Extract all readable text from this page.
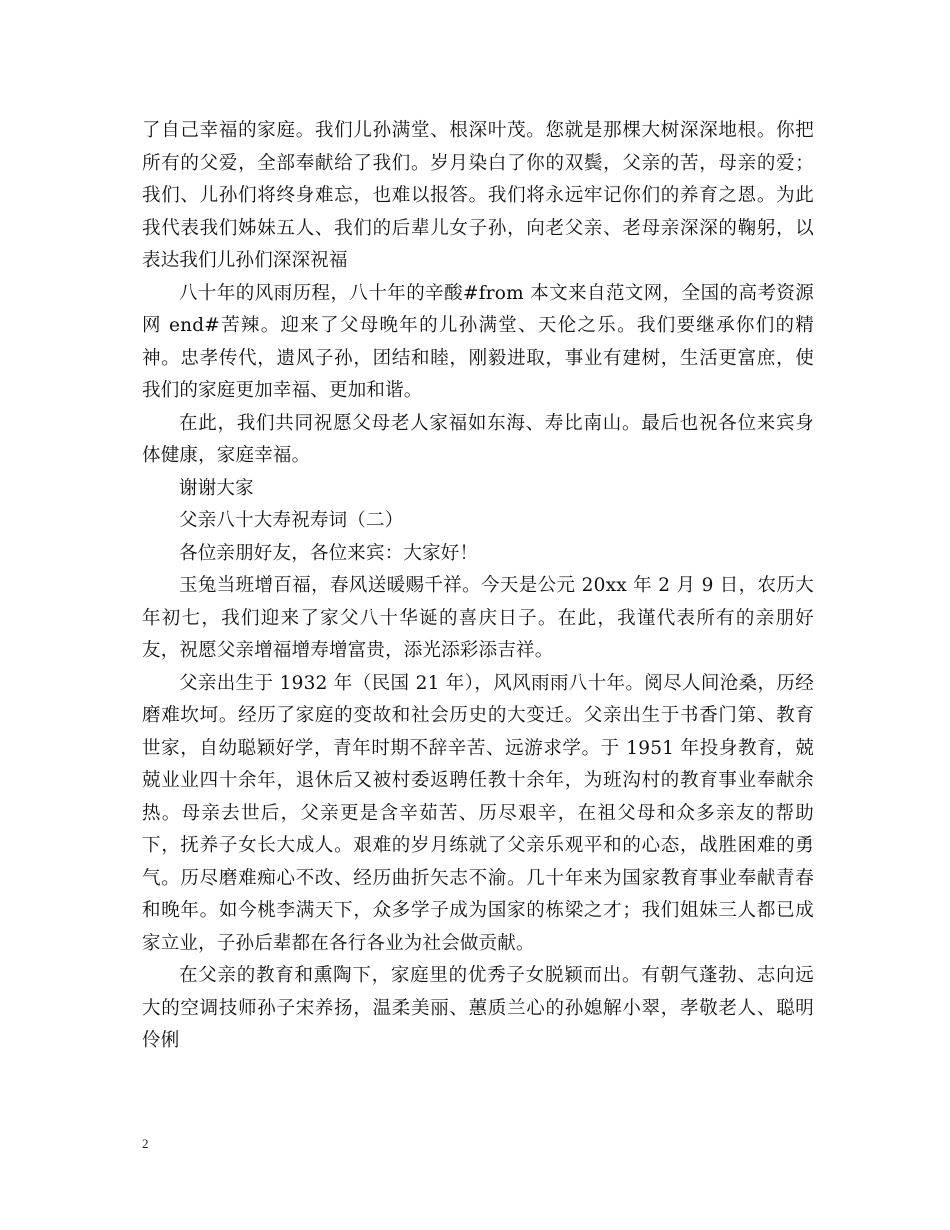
了自己幸福的家庭。我们儿孙满堂、根深叶茂。您就是那棵大树深深地根。你把所有的父爱，全部奉献给了我们。岁月染白了你的双鬓，父亲的苦，母亲的爱；我们、儿孙们将终身难忘，也难以报答。我们将永远牢记你们的养育之恩。为此我代表我们姊妹五人、我们的后辈儿女子孙，向老父亲、老母亲深深的鞠躬，以表达我们儿孙们深深祝福

八十年的风雨历程，八十年的辛酸#from 本文来自范文网，全国的高考资源网 end#苦辣。迎来了父母晚年的儿孙满堂、天伦之乐。我们要继承你们的精神。忠孝传代，遗风子孙，团结和睦，刚毅进取，事业有建树，生活更富庶，使我们的家庭更加幸福、更加和谐。

在此，我们共同祝愿父母老人家福如东海、寿比南山。最后也祝各位来宾身体健康，家庭幸福。

谢谢大家

父亲八十大寿祝寿词（二）

各位亲朋好友，各位来宾：大家好！

玉兔当班增百福，春风送暖赐千祥。今天是公元 20xx 年 2 月 9 日，农历大年初七，我们迎来了家父八十华诞的喜庆日子。在此，我谨代表所有的亲朋好友，祝愿父亲增福增寿增富贵，添光添彩添吉祥。

父亲出生于 1932 年（民国 21 年），风风雨雨八十年。阅尽人间沧桑，历经磨难坎坷。经历了家庭的变故和社会历史的大变迁。父亲出生于书香门第、教育世家，自幼聪颖好学，青年时期不辞辛苦、远游求学。于 1951 年投身教育，兢兢业业四十余年，退休后又被村委返聘任教十余年，为班沟村的教育事业奉献余热。母亲去世后，父亲更是含辛茹苦、历尽艰辛，在祖父母和众多亲友的帮助下，抚养子女长大成人。艰难的岁月练就了父亲乐观平和的心态，战胜困难的勇气。历尽磨难痴心不改、经历曲折矢志不渝。几十年来为国家教育事业奉献青春和晚年。如今桃李满天下，众多学子成为国家的栋梁之才；我们姐妹三人都已成家立业，子孙后辈都在各行各业为社会做贡献。

在父亲的教育和熏陶下，家庭里的优秀子女脱颖而出。有朝气蓬勃、志向远大的空调技师孙子宋养扬，温柔美丽、蕙质兰心的孙媳解小翠，孝敬老人、聪明伶俐

2
